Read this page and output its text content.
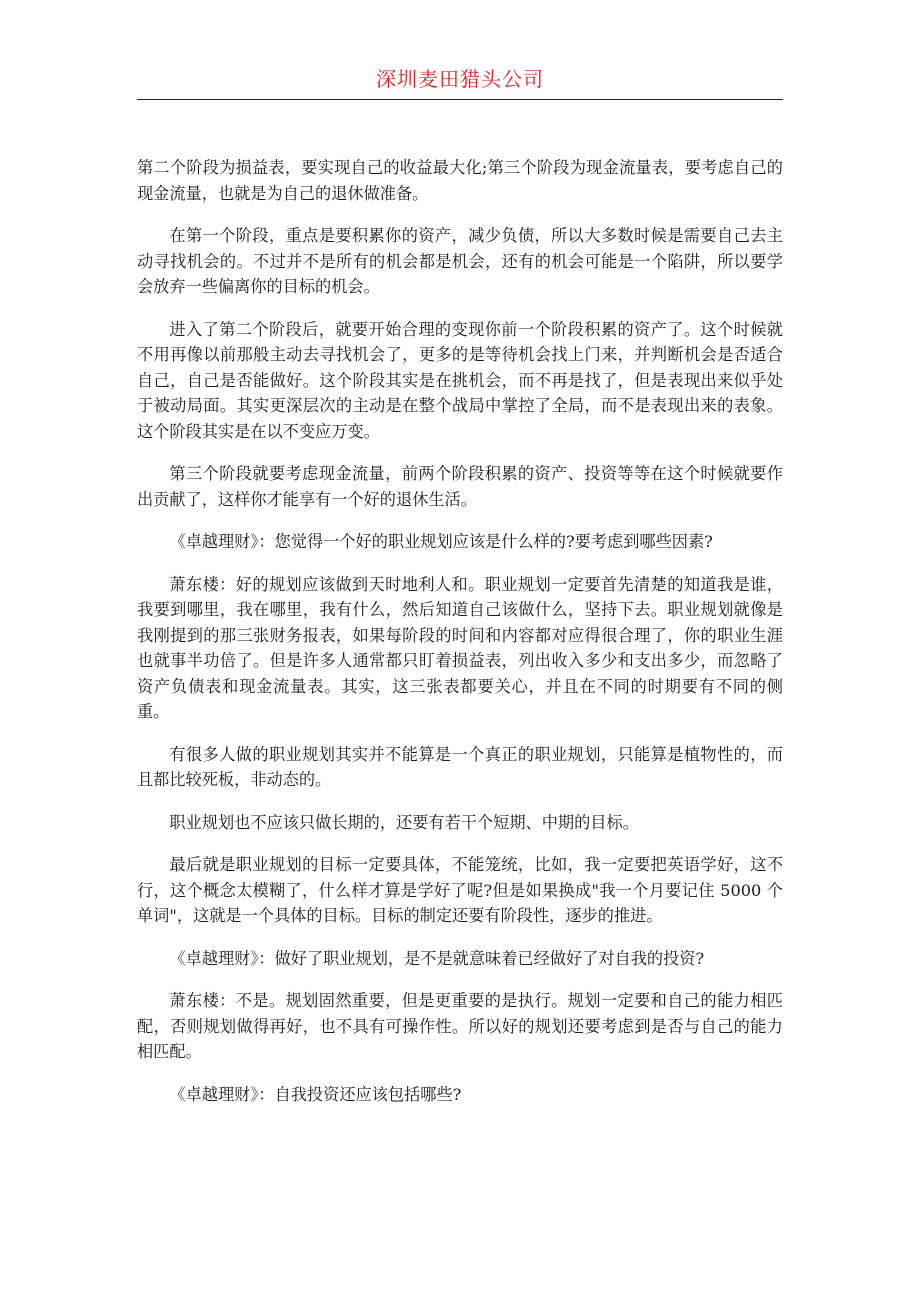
深圳麦田猎头公司

第二个阶段为损益表，要实现自己的收益最大化;第三个阶段为现金流量表，要考虑自己的现金流量，也就是为自己的退休做准备。

在第一个阶段，重点是要积累你的资产，减少负债，所以大多数时候是需要自己去主动寻找机会的。不过并不是所有的机会都是机会，还有的机会可能是一个陷阱，所以要学会放弃一些偏离你的目标的机会。

进入了第二个阶段后，就要开始合理的变现你前一个阶段积累的资产了。这个时候就不用再像以前那般主动去寻找机会了，更多的是等待机会找上门来，并判断机会是否适合自己，自己是否能做好。这个阶段其实是在挑机会，而不再是找了，但是表现出来似乎处于被动局面。其实更深层次的主动是在整个战局中掌控了全局，而不是表现出来的表象。这个阶段其实是在以不变应万变。

第三个阶段就要考虑现金流量，前两个阶段积累的资产、投资等等在这个时候就要作出贡献了，这样你才能享有一个好的退休生活。

《卓越理财》：您觉得一个好的职业规划应该是什么样的?要考虑到哪些因素?

萧东楼：好的规划应该做到天时地利人和。职业规划一定要首先清楚的知道我是谁，我要到哪里，我在哪里，我有什么，然后知道自己该做什么，坚持下去。职业规划就像是我刚提到的那三张财务报表，如果每阶段的时间和内容都对应得很合理了，你的职业生涯也就事半功倍了。但是许多人通常都只盯着损益表，列出收入多少和支出多少，而忽略了资产负债表和现金流量表。其实，这三张表都要关心，并且在不同的时期要有不同的侧重。

有很多人做的职业规划其实并不能算是一个真正的职业规划，只能算是植物性的，而且都比较死板，非动态的。

职业规划也不应该只做长期的，还要有若干个短期、中期的目标。

最后就是职业规划的目标一定要具体，不能笼统，比如，我一定要把英语学好，这不行，这个概念太模糊了，什么样才算是学好了呢?但是如果换成"我一个月要记住 5000 个单词"，这就是一个具体的目标。目标的制定还要有阶段性，逐步的推进。

《卓越理财》：做好了职业规划，是不是就意味着已经做好了对自我的投资?

萧东楼：不是。规划固然重要，但是更重要的是执行。规划一定要和自己的能力相匹配，否则规划做得再好，也不具有可操作性。所以好的规划还要考虑到是否与自己的能力相匹配。

《卓越理财》：自我投资还应该包括哪些?
